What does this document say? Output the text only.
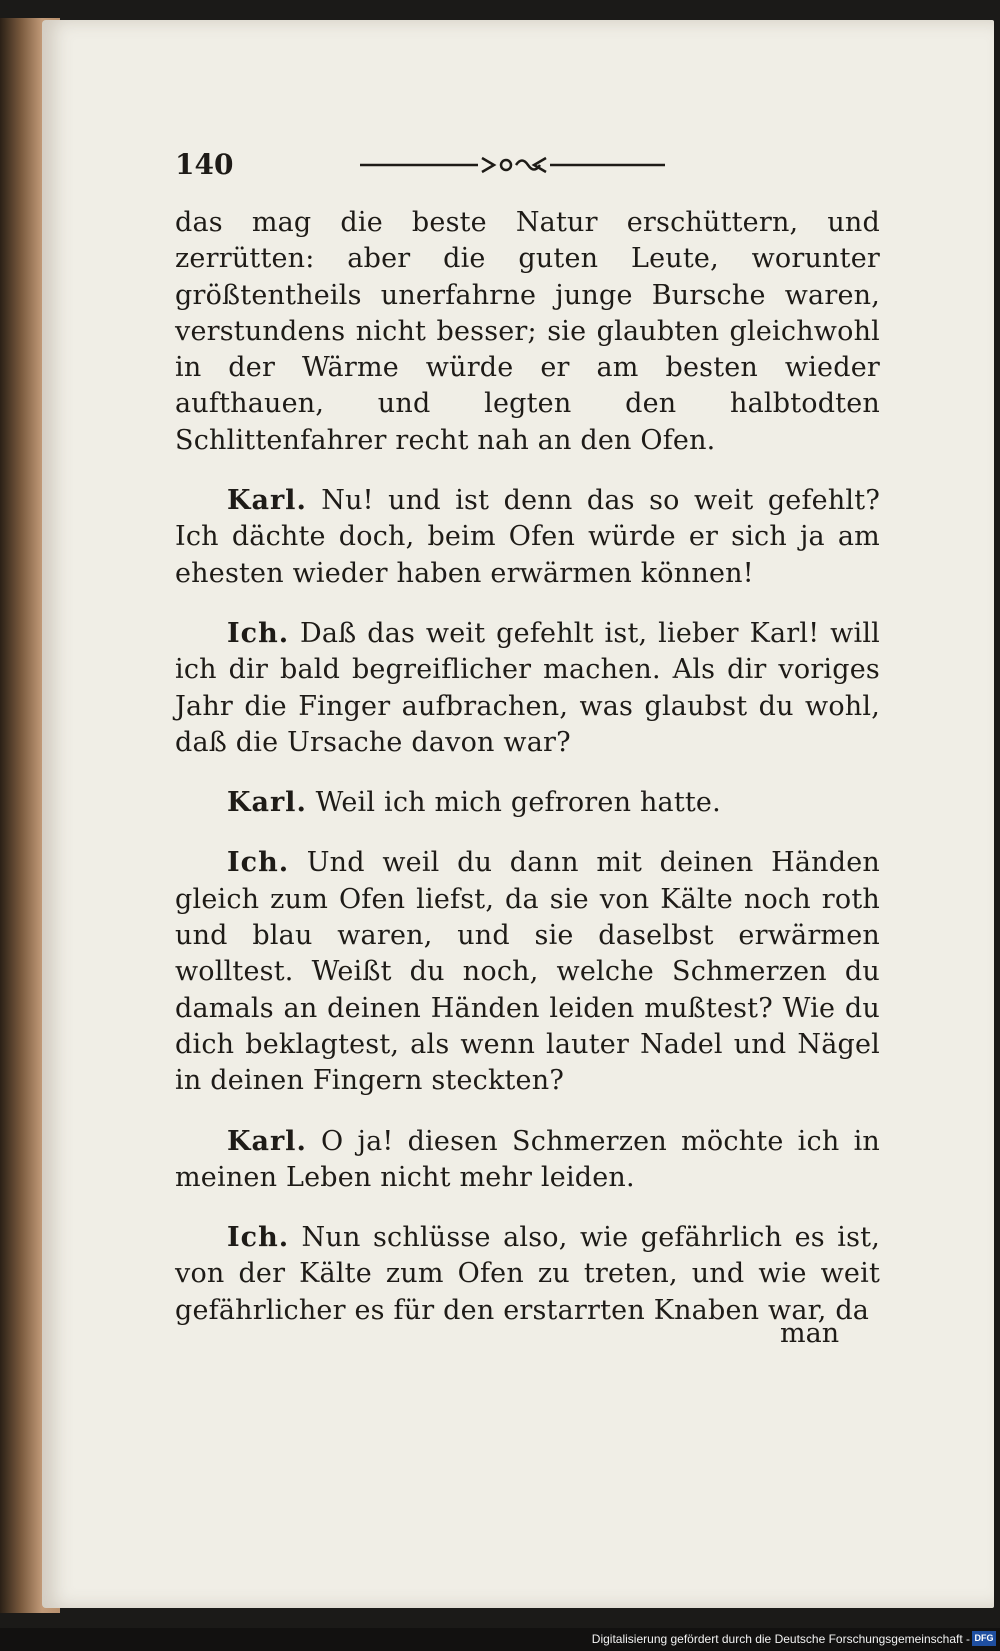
140

das mag die beste Natur erschüttern, und zerrütten: aber die guten Leute, worunter größtentheils unerfahrne junge Bursche waren, verstundens nicht besser; sie glaubten gleichwohl in der Wärme würde er am besten wieder aufthauen, und legten den halbtodten Schlittenfahrer recht nah an den Ofen.

Karl. Nu! und ist denn das so weit gefehlt? Ich dächte doch, beim Ofen würde er sich ja am ehesten wieder haben erwärmen können!

Ich. Daß das weit gefehlt ist, lieber Karl! will ich dir bald begreiflicher machen. Als dir voriges Jahr die Finger aufbrachen, was glaubst du wohl, daß die Ursache davon war?

Karl. Weil ich mich gefroren hatte.

Ich. Und weil du dann mit deinen Händen gleich zum Ofen liefst, da sie von Kälte noch roth und blau waren, und sie daselbst erwärmen wolltest. Weißt du noch, welche Schmerzen du damals an deinen Händen leiden mußtest? Wie du dich beklagtest, als wenn lauter Nadel und Nägel in deinen Fingern steckten?

Karl. O ja! diesen Schmerzen möchte ich in meinen Leben nicht mehr leiden.

Ich. Nun schlüsse also, wie gefährlich es ist, von der Kälte zum Ofen zu treten, und wie weit gefährlicher es für den erstarrten Knaben war, da

man
Digitalisierung gefördert durch die Deutsche Forschungsgemeinschaft - DFG
